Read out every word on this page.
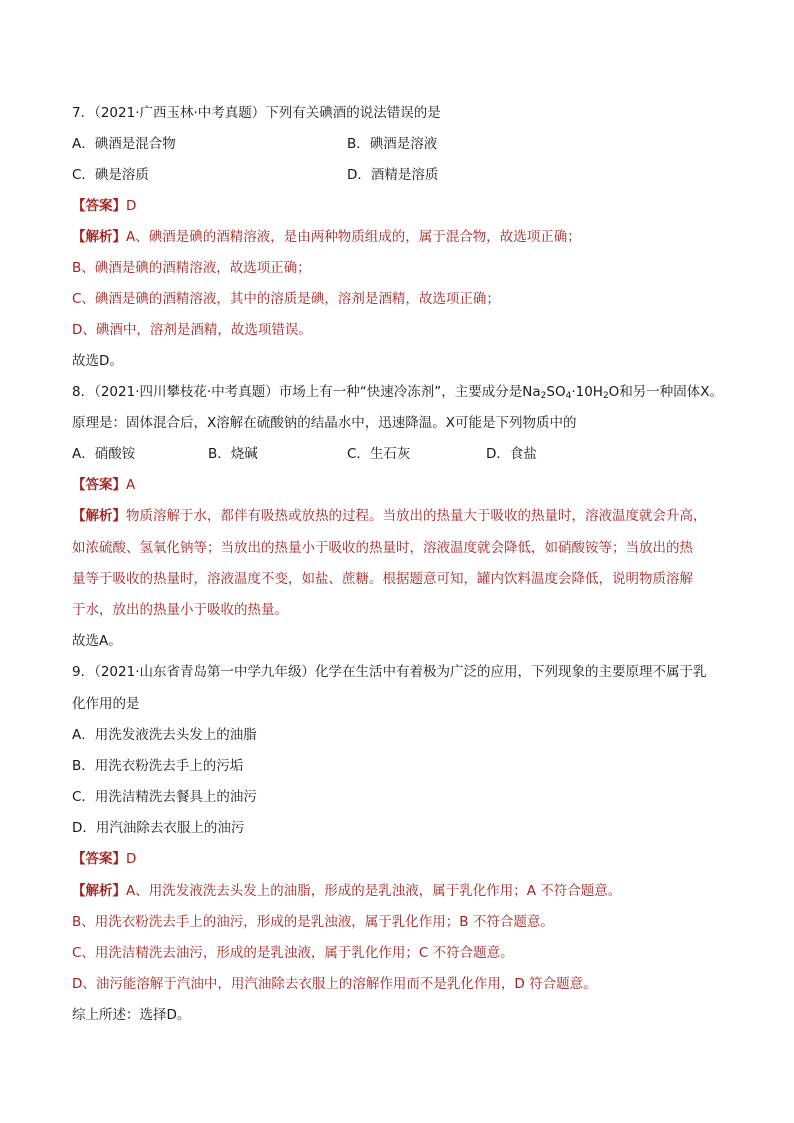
7．（2021·广西玉林·中考真题）下列有关碘酒的说法错误的是
A．碘酒是混合物	B．碘酒是溶液
C．碘是溶质	D．酒精是溶质
【答案】D
【解析】A、碘酒是碘的酒精溶液，是由两种物质组成的，属于混合物，故选项正确；
B、碘酒是碘的酒精溶液，故选项正确；
C、碘酒是碘的酒精溶液，其中的溶质是碘，溶剂是酒精，故选项正确；
D、碘酒中，溶剂是酒精，故选项错误。
故选D。
8．（2021·四川攀枝花·中考真题）市场上有一种“快速冷冻剂”，主要成分是$Na_2SO_4\cdot 10H_2O$和另一种固体X。
原理是：固体混合后，X溶解在硫酸钠的结晶水中，迅速降温。X可能是下列物质中的
A．硝酸铵	B．烧碱	C．生石灰	D．食盐
【答案】A
【解析】物质溶解于水，都伴有吸热或放热的过程。当放出的热量大于吸收的热量时，溶液温度就会升高，
如浓硫酸、氢氧化钠等；当放出的热量小于吸收的热量时，溶液温度就会降低，如硝酸铵等；当放出的热
量等于吸收的热量时，溶液温度不变，如盐、蔗糖。根据题意可知，罐内饮料温度会降低，说明物质溶解
于水，放出的热量小于吸收的热量。
故选A。
9．（2021·山东省青岛第一中学九年级）化学在生活中有着极为广泛的应用，下列现象的主要原理不属于乳
化作用的是
A．用洗发液洗去头发上的油脂
B．用洗衣粉洗去手上的污垢
C．用洗洁精洗去餐具上的油污
D．用汽油除去衣服上的油污
【答案】D
【解析】A、用洗发液洗去头发上的油脂，形成的是乳浊液，属于乳化作用；A 不符合题意。
B、用洗衣粉洗去手上的油污，形成的是乳浊液，属于乳化作用；B 不符合题意。
C、用洗洁精洗去油污，形成的是乳浊液，属于乳化作用；C 不符合题意。
D、油污能溶解于汽油中，用汽油除去衣服上的溶解作用而不是乳化作用，D 符合题意。
综上所述：选择D。
